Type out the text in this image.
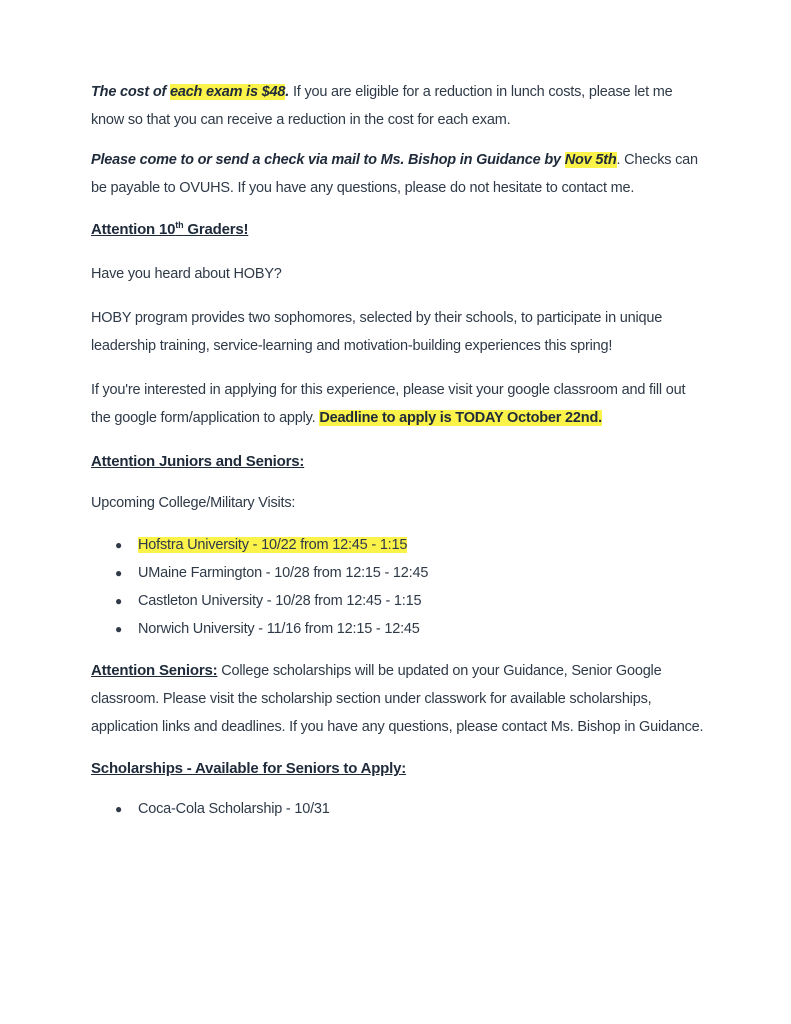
The cost of each exam is $48. If you are eligible for a reduction in lunch costs, please let me know so that you can receive a reduction in the cost for each exam.

Please come to or send a check via mail to Ms. Bishop in Guidance by Nov 5th. Checks can be payable to OVUHS. If you have any questions, please do not hesitate to contact me.

Attention 10th Graders!

Have you heard about HOBY?

HOBY program provides two sophomores, selected by their schools, to participate in unique leadership training, service-learning and motivation-building experiences this spring!

If you're interested in applying for this experience, please visit your google classroom and fill out the google form/application to apply. Deadline to apply is TODAY October 22nd.

Attention Juniors and Seniors:

Upcoming College/Military Visits:

● Hofstra University - 10/22 from 12:45 - 1:15
● UMaine Farmington - 10/28 from 12:15 - 12:45
● Castleton University - 10/28 from 12:45 - 1:15
● Norwich University - 11/16 from 12:15 - 12:45

Attention Seniors: College scholarships will be updated on your Guidance, Senior Google classroom. Please visit the scholarship section under classwork for available scholarships, application links and deadlines. If you have any questions, please contact Ms. Bishop in Guidance.

Scholarships - Available for Seniors to Apply:

● Coca-Cola Scholarship - 10/31
